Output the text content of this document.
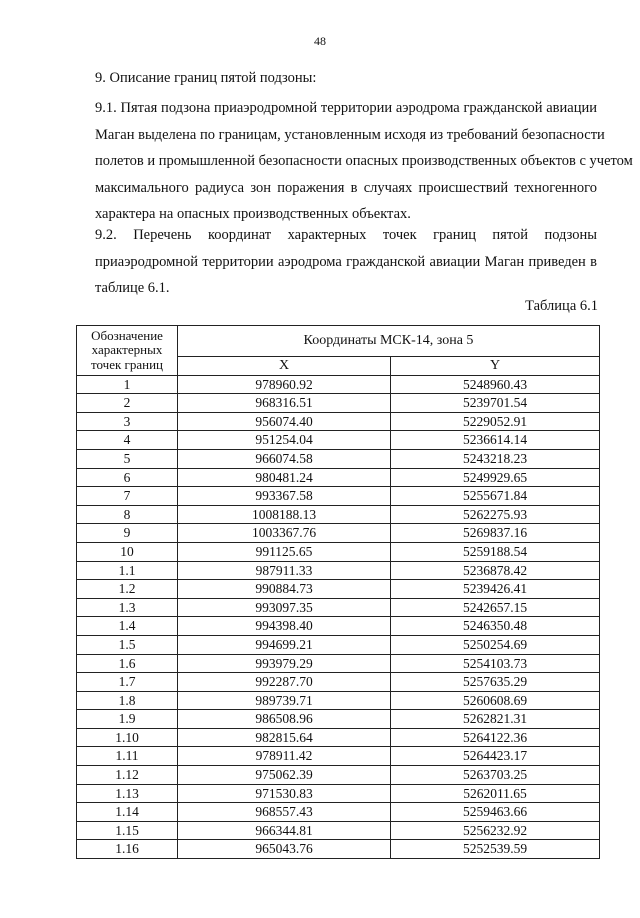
48
9. Описание границ пятой подзоны:
9.1. Пятая подзона приаэродромной территории аэродрома гражданской авиации
Маган выделена по границам, установленным исходя из требований безопасности
полетов и промышленной безопасности опасных производственных объектов с учетом
максимального радиуса зон поражения в случаях происшествий техногенного
характера на опасных производственных объектах.
9.2. Перечень координат характерных точек границ пятой подзоны
приаэродромной территории аэродрома гражданской авиации Маган приведен в
таблице 6.1.
Таблица 6.1
Обозначение характерных точек границ	Координаты МСК-14, зона 5	
	X	Y
1	978960.92	5248960.43
2	968316.51	5239701.54
3	956074.40	5229052.91
4	951254.04	5236614.14
5	966074.58	5243218.23
6	980481.24	5249929.65
7	993367.58	5255671.84
8	1008188.13	5262275.93
9	1003367.76	5269837.16
10	991125.65	5259188.54
1.1	987911.33	5236878.42
1.2	990884.73	5239426.41
1.3	993097.35	5242657.15
1.4	994398.40	5246350.48
1.5	994699.21	5250254.69
1.6	993979.29	5254103.73
1.7	992287.70	5257635.29
1.8	989739.71	5260608.69
1.9	986508.96	5262821.31
1.10	982815.64	5264122.36
1.11	978911.42	5264423.17
1.12	975062.39	5263703.25
1.13	971530.83	5262011.65
1.14	968557.43	5259463.66
1.15	966344.81	5256232.92
1.16	965043.76	5252539.59
